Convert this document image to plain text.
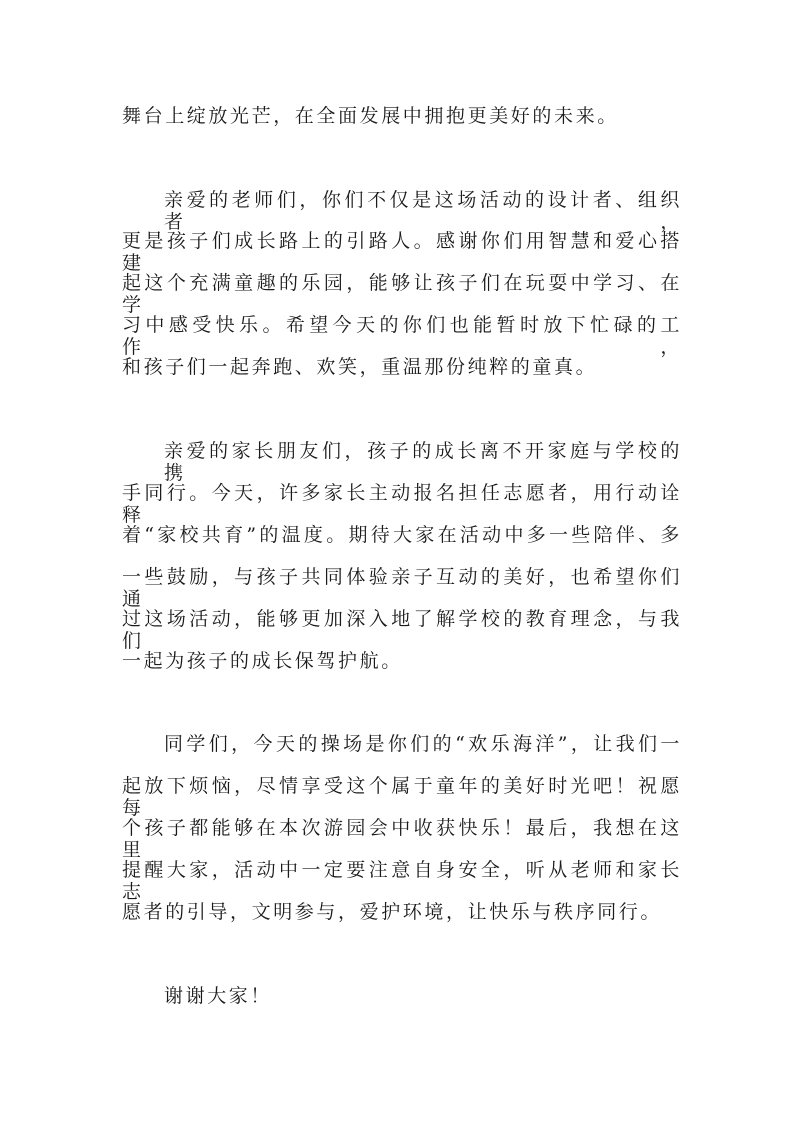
舞台上绽放光芒，在全面发展中拥抱更美好的未来。
亲爱的老师们，你们不仅是这场活动的设计者、组织者，
更是孩子们成长路上的引路人。感谢你们用智慧和爱心搭建
起这个充满童趣的乐园，能够让孩子们在玩耍中学习、在学
习中感受快乐。希望今天的你们也能暂时放下忙碌的工作，
和孩子们一起奔跑、欢笑，重温那份纯粹的童真。
亲爱的家长朋友们，孩子的成长离不开家庭与学校的携
手同行。今天，许多家长主动报名担任志愿者，用行动诠释
着“家校共育”的温度。期待大家在活动中多一些陪伴、多
一些鼓励，与孩子共同体验亲子互动的美好，也希望你们通
过这场活动，能够更加深入地了解学校的教育理念，与我们
一起为孩子的成长保驾护航。
同学们，今天的操场是你们的“欢乐海洋”，让我们一
起放下烦恼，尽情享受这个属于童年的美好时光吧！祝愿每
个孩子都能够在本次游园会中收获快乐！最后，我想在这里
提醒大家，活动中一定要注意自身安全，听从老师和家长志
愿者的引导，文明参与，爱护环境，让快乐与秩序同行。
谢谢大家！
